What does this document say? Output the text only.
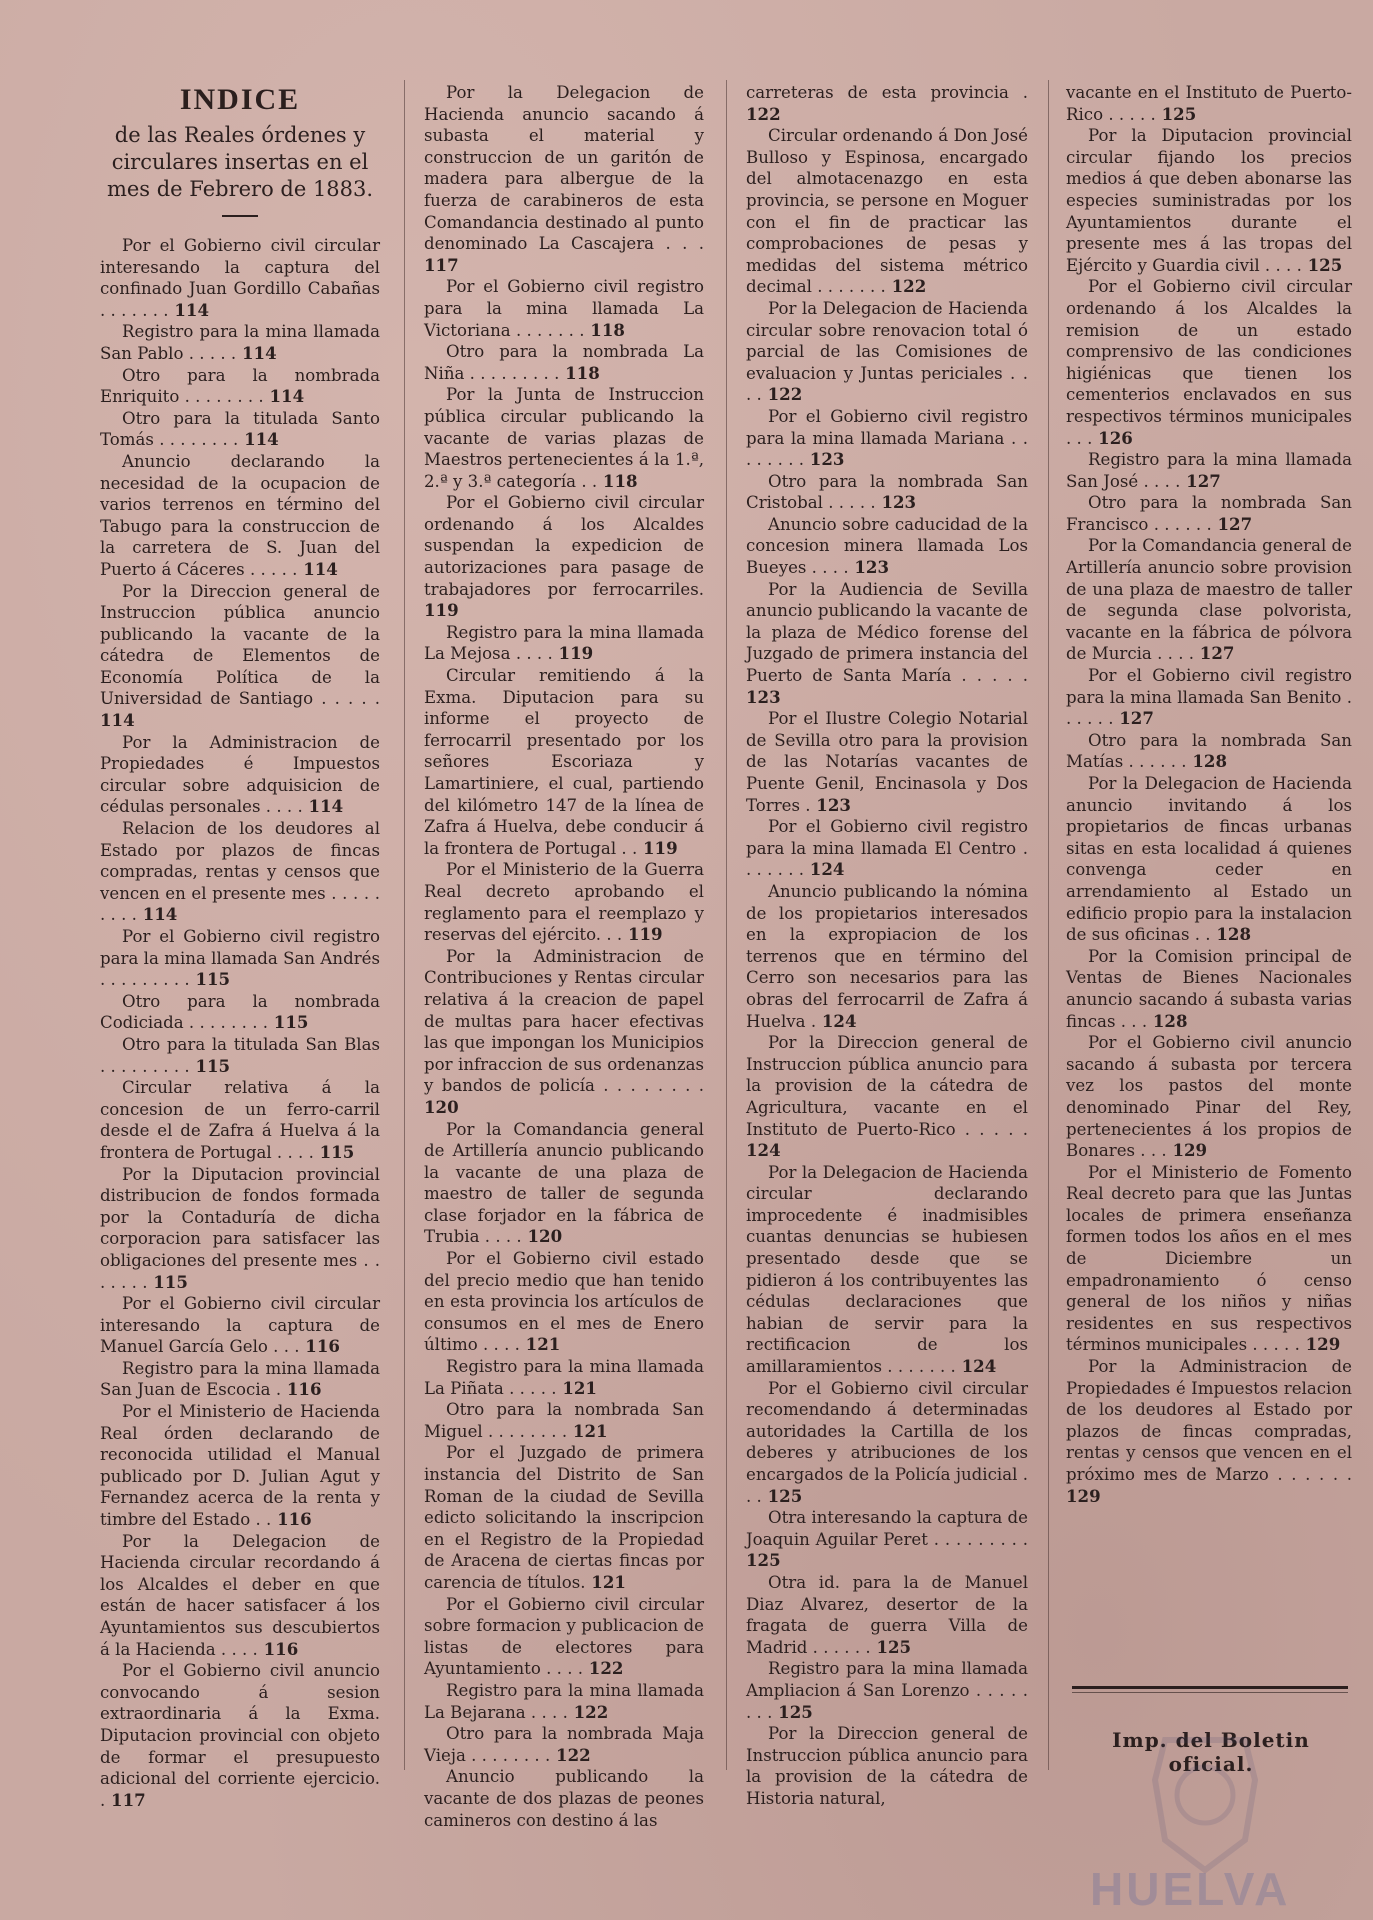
INDICE

de las Reales órdenes y circulares insertas en el mes de Febrero de 1883.

Por el Gobierno civil circular interesando la captura del confinado Juan Gordillo Cabañas . . . . . . . 114

Registro para la mina llamada San Pablo . . . . . 114

Otro para la nombrada Enriquito . . . . . . . . 114

Otro para la titulada Santo Tomás . . . . . . . . 114

Anuncio declarando la necesidad de la ocupacion de varios terrenos en término del Tabugo para la construccion de la carretera de S. Juan del Puerto á Cáceres . . . . . 114

Por la Direccion general de Instruccion pública anuncio publicando la vacante de la cátedra de Elementos de Economía Política de la Universidad de Santiago . . . . . 114

Por la Administracion de Propiedades é Impuestos circular sobre adquisicion de cédulas personales . . . . 114

Relacion de los deudores al Estado por plazos de fincas compradas, rentas y censos que vencen en el presente mes . . . . . . . . . 114

Por el Gobierno civil registro para la mina llamada San Andrés . . . . . . . . . 115

Otro para la nombrada Codiciada . . . . . . . . 115

Otro para la titulada San Blas . . . . . . . . . 115

Circular relativa á la concesion de un ferro-carril desde el de Zafra á Huelva á la frontera de Portugal . . . . 115

Por la Diputacion provincial distribucion de fondos formada por la Contaduría de dicha corporacion para satisfacer las obligaciones del presente mes . . . . . . . 115

Por el Gobierno civil circular interesando la captura de Manuel García Gelo . . . 116

Registro para la mina llamada San Juan de Escocia . 116

Por el Ministerio de Hacienda Real órden declarando de reconocida utilidad el Manual publicado por D. Julian Agut y Fernandez acerca de la renta y timbre del Estado . . 116

Por la Delegacion de Hacienda circular recordando á los Alcaldes el deber en que están de hacer satisfacer á los Ayuntamientos sus descubiertos á la Hacienda . . . . 116

Por el Gobierno civil anuncio convocando á sesion extraordinaria á la Exma. Diputacion provincial con objeto de formar el presupuesto adicional del corriente ejercicio. . 117

Por la Delegacion de Hacienda anuncio sacando á subasta el material y construccion de un garitón de madera para albergue de la fuerza de carabineros de esta Comandancia destinado al punto denominado La Cascajera . . . 117

Por el Gobierno civil registro para la mina llamada La Victoriana . . . . . . . 118

Otro para la nombrada La Niña . . . . . . . . . 118

Por la Junta de Instruccion pública circular publicando la vacante de varias plazas de Maestros pertenecientes á la 1.ª, 2.ª y 3.ª categoría . . 118

Por el Gobierno civil circular ordenando á los Alcaldes suspendan la expedicion de autorizaciones para pasage de trabajadores por ferrocarriles. 119

Registro para la mina llamada La Mejosa . . . . 119

Circular remitiendo á la Exma. Diputacion para su informe el proyecto de ferrocarril presentado por los señores Escoriaza y Lamartiniere, el cual, partiendo del kilómetro 147 de la línea de Zafra á Huelva, debe conducir á la frontera de Portugal . . 119

Por el Ministerio de la Guerra Real decreto aprobando el reglamento para el reemplazo y reservas del ejército. . . 119

Por la Administracion de Contribuciones y Rentas circular relativa á la creacion de papel de multas para hacer efectivas las que impongan los Municipios por infraccion de sus ordenanzas y bandos de policía . . . . . . . . 120

Por la Comandancia general de Artillería anuncio publicando la vacante de una plaza de maestro de taller de segunda clase forjador en la fábrica de Trubia . . . . 120

Por el Gobierno civil estado del precio medio que han tenido en esta provincia los artículos de consumos en el mes de Enero último . . . . 121

Registro para la mina llamada La Piñata . . . . . 121

Otro para la nombrada San Miguel . . . . . . . . 121

Por el Juzgado de primera instancia del Distrito de San Roman de la ciudad de Sevilla edicto solicitando la inscripcion en el Registro de la Propiedad de Aracena de ciertas fincas por carencia de títulos. 121

Por el Gobierno civil circular sobre formacion y publicacion de listas de electores para Ayuntamiento . . . . 122

Registro para la mina llamada La Bejarana . . . . 122

Otro para la nombrada Maja Vieja . . . . . . . . 122

Anuncio publicando la vacante de dos plazas de peones camineros con destino á las

carreteras de esta provincia . 122

Circular ordenando á Don José Bulloso y Espinosa, encargado del almotacenazgo en esta provincia, se persone en Moguer con el fin de practicar las comprobaciones de pesas y medidas del sistema métrico decimal . . . . . . . 122

Por la Delegacion de Hacienda circular sobre renovacion total ó parcial de las Comisiones de evaluacion y Juntas periciales . . . . 122

Por el Gobierno civil registro para la mina llamada Mariana . . . . . . . . 123

Otro para la nombrada San Cristobal . . . . . 123

Anuncio sobre caducidad de la concesion minera llamada Los Bueyes . . . . 123

Por la Audiencia de Sevilla anuncio publicando la vacante de la plaza de Médico forense del Juzgado de primera instancia del Puerto de Santa María . . . . . 123

Por el Ilustre Colegio Notarial de Sevilla otro para la provision de las Notarías vacantes de Puente Genil, Encinasola y Dos Torres . 123

Por el Gobierno civil registro para la mina llamada El Centro . . . . . . . 124

Anuncio publicando la nómina de los propietarios interesados en la expropiacion de los terrenos que en término del Cerro son necesarios para las obras del ferrocarril de Zafra á Huelva . 124

Por la Direccion general de Instruccion pública anuncio para la provision de la cátedra de Agricultura, vacante en el Instituto de Puerto-Rico . . . . . 124

Por la Delegacion de Hacienda circular declarando improcedente é inadmisibles cuantas denuncias se hubiesen presentado desde que se pidieron á los contribuyentes las cédulas declaraciones que habian de servir para la rectificacion de los amillaramientos . . . . . . . 124

Por el Gobierno civil circular recomendando á determinadas autoridades la Cartilla de los deberes y atribuciones de los encargados de la Policía judicial . . . 125

Otra interesando la captura de Joaquin Aguilar Peret . . . . . . . . . 125

Otra id. para la de Manuel Diaz Alvarez, desertor de la fragata de guerra Villa de Madrid . . . . . . 125

Registro para la mina llamada Ampliacion á San Lorenzo . . . . . . . . 125

Por la Direccion general de Instruccion pública anuncio para la provision de la cátedra de Historia natural,

vacante en el Instituto de Puerto-Rico . . . . . 125

Por la Diputacion provincial circular fijando los precios medios á que deben abonarse las especies suministradas por los Ayuntamientos durante el presente mes á las tropas del Ejército y Guardia civil . . . . 125

Por el Gobierno civil circular ordenando á los Alcaldes la remision de un estado comprensivo de las condiciones higiénicas que tienen los cementerios enclavados en sus respectivos términos municipales . . . 126

Registro para la mina llamada San José . . . . 127

Otro para la nombrada San Francisco . . . . . . 127

Por la Comandancia general de Artillería anuncio sobre provision de una plaza de maestro de taller de segunda clase polvorista, vacante en la fábrica de pólvora de Murcia . . . . 127

Por el Gobierno civil registro para la mina llamada San Benito . . . . . . 127

Otro para la nombrada San Matías . . . . . . 128

Por la Delegacion de Hacienda anuncio invitando á los propietarios de fincas urbanas sitas en esta localidad á quienes convenga ceder en arrendamiento al Estado un edificio propio para la instalacion de sus oficinas . . 128

Por la Comision principal de Ventas de Bienes Nacionales anuncio sacando á subasta varias fincas . . . 128

Por el Gobierno civil anuncio sacando á subasta por tercera vez los pastos del monte denominado Pinar del Rey, pertenecientes á los propios de Bonares . . . 129

Por el Ministerio de Fomento Real decreto para que las Juntas locales de primera enseñanza formen todos los años en el mes de Diciembre un empadronamiento ó censo general de los niños y niñas residentes en sus respectivos términos municipales . . . . . 129

Por la Administracion de Propiedades é Impuestos relacion de los deudores al Estado por plazos de fincas compradas, rentas y censos que vencen en el próximo mes de Marzo . . . . . . 129

Imp. del Boletin oficial.
HUELVA
